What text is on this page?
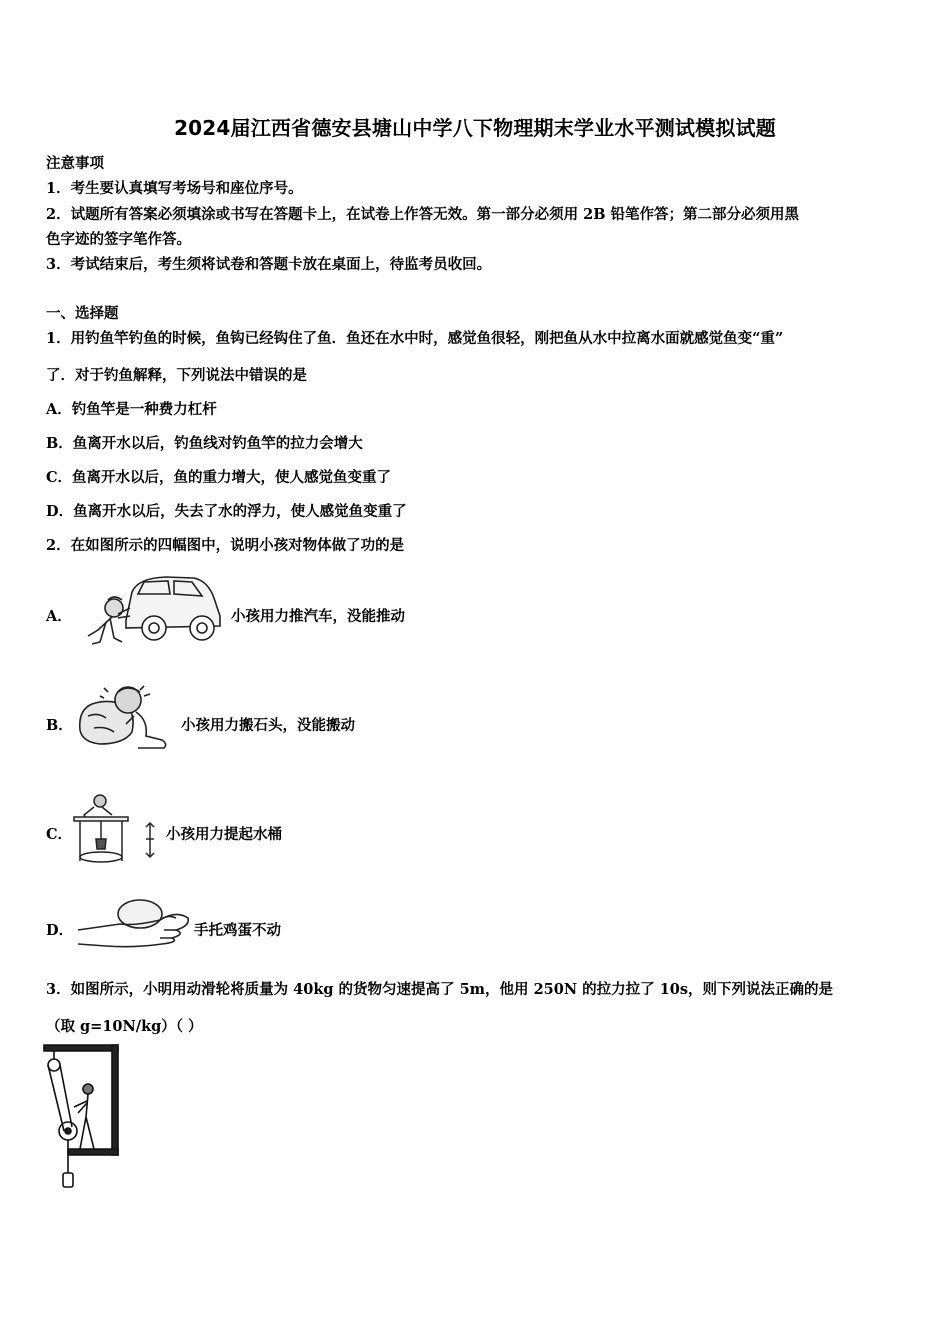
2024届江西省德安县塘山中学八下物理期末学业水平测试模拟试题
注意事项
1．考生要认真填写考场号和座位序号。
2．试题所有答案必须填涂或书写在答题卡上，在试卷上作答无效。第一部分必须用 2B 铅笔作答；第二部分必须用黑
色字迹的签字笔作答。
3．考试结束后，考生须将试卷和答题卡放在桌面上，待监考员收回。
一、选择题
1．用钓鱼竿钓鱼的时候，鱼钩已经钩住了鱼．鱼还在水中时，感觉鱼很轻，刚把鱼从水中拉离水面就感觉鱼变“重”
了．对于钓鱼解释，下列说法中错误的是
A．钓鱼竿是一种费力杠杆
B．鱼离开水以后，钓鱼线对钓鱼竿的拉力会增大
C．鱼离开水以后，鱼的重力增大，使人感觉鱼变重了
D．鱼离开水以后，失去了水的浮力，使人感觉鱼变重了
2．在如图所示的四幅图中，说明小孩对物体做了功的是
A．	小孩用力推汽车，没能推动
B．	小孩用力搬石头，没能搬动
C．	小孩用力提起水桶
D．	手托鸡蛋不动
3．如图所示，小明用动滑轮将质量为 40kg 的货物匀速提高了 5m，他用 250N 的拉力拉了 10s，则下列说法正确的是
（取 g=10N/kg）（ ）
